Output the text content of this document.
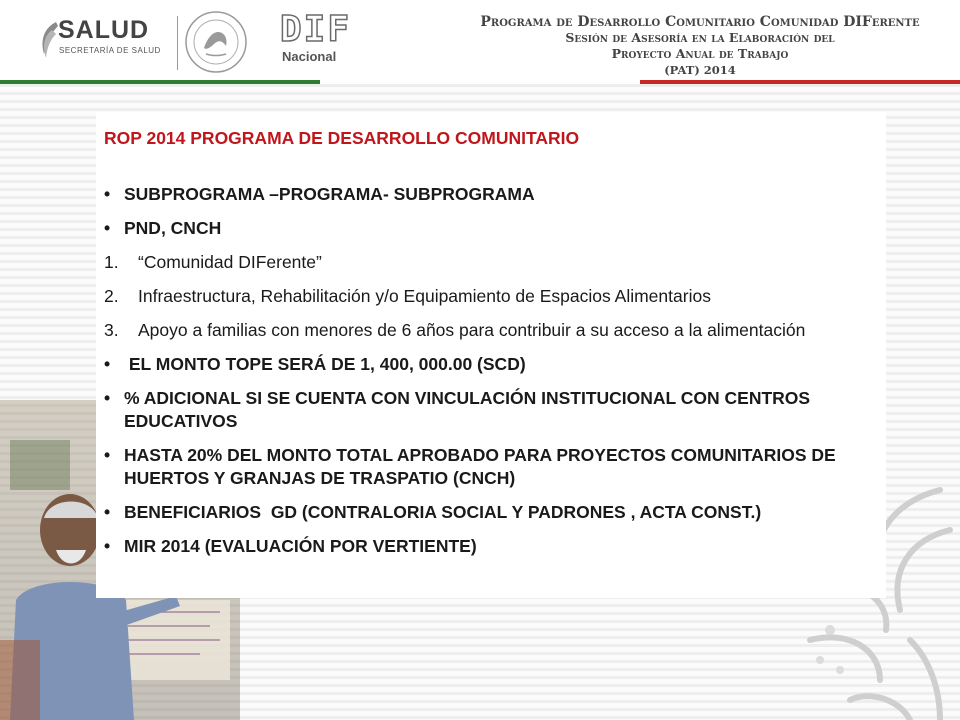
SALUD
SECRETARÍA DE SALUD
DIF
Nacional
Programa de Desarrollo Comunitario Comunidad DIFerente
Sesión de Asesoría en la Elaboración del
Proyecto Anual de Trabajo
(PAT) 2014
ROP 2014 PROGRAMA DE DESARROLLO COMUNITARIO
• SUBPROGRAMA –PROGRAMA- SUBPROGRAMA
• PND, CNCH
1. “Comunidad DIFerente”
2. Infraestructura, Rehabilitación y/o Equipamiento de Espacios Alimentarios
3. Apoyo a familias con menores de 6 años para contribuir a su acceso a la alimentación
• EL MONTO TOPE SERÁ DE 1, 400, 000.00 (SCD)
• % ADICIONAL SI SE CUENTA CON VINCULACIÓN INSTITUCIONAL CON CENTROS EDUCATIVOS
• HASTA 20% DEL MONTO TOTAL APROBADO PARA PROYECTOS COMUNITARIOS DE HUERTOS Y GRANJAS DE TRASPATIO (CNCH)
• BENEFICIARIOS  GD (CONTRALORIA SOCIAL Y PADRONES , ACTA CONST.)
• MIR 2014 (EVALUACIÓN POR VERTIENTE)
